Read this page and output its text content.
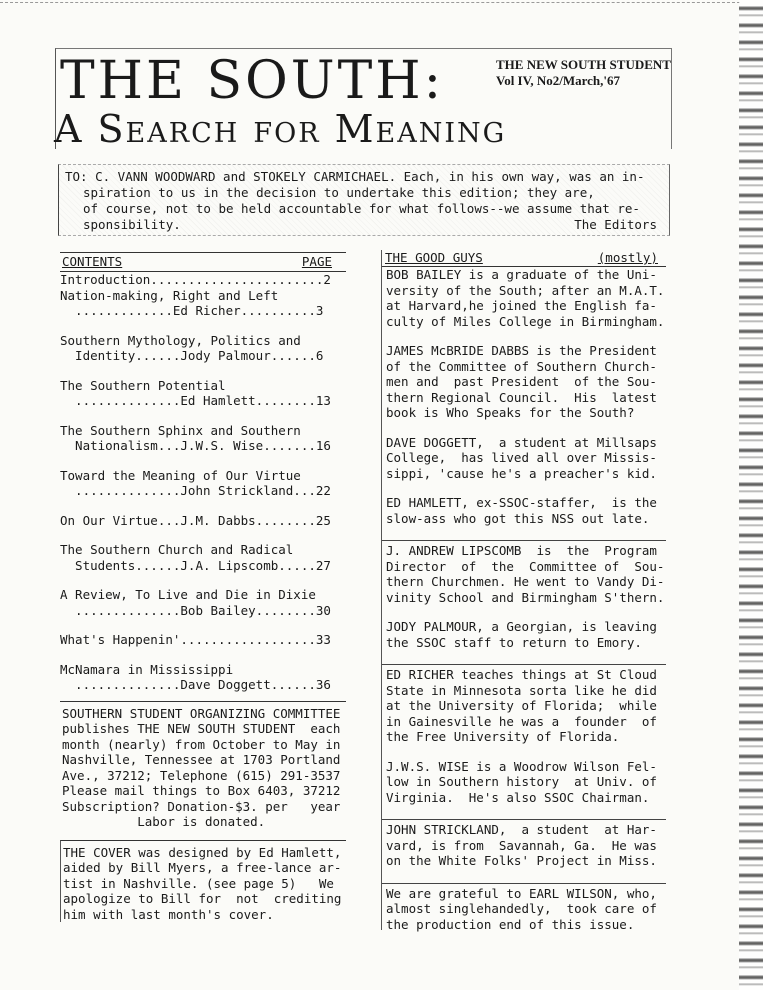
THE SOUTH:
A Search for Meaning
THE NEW SOUTH STUDENT
Vol IV, No2/March,'67

TO: C. VANN WOODWARD and STOKELY CARMICHAEL. Each, in his own way, was an in-

spiration to us in the decision to undertake this edition; they are,

of course, not to be held accountable for what follows--we assume that re-

sponsibility.	The Editors
CONTENTS	PAGE
Introduction.......................2
Nation-making, Right and Left
.............Ed Richer..........3
Southern Mythology, Politics and
Identity......Jody Palmour......6
The Southern Potential
..............Ed Hamlett........13
The Southern Sphinx and Southern
Nationalism...J.W.S. Wise.......16
Toward the Meaning of Our Virtue
..............John Strickland...22
On Our Virtue...J.M. Dabbs........25
The Southern Church and Radical
Students......J.A. Lipscomb.....27
A Review, To Live and Die in Dixie
..............Bob Bailey........30
What's Happenin'..................33
McNamara in Mississippi
..............Dave Doggett......36

SOUTHERN STUDENT ORGANIZING COMMITTEE

publishes THE NEW SOUTH STUDENT  each

month (nearly) from October to May in

Nashville, Tennessee at 1703 Portland

Ave., 37212; Telephone (615) 291-3537

Please mail things to Box 6403, 37212

Subscription? Donation-$3. per   year

Labor is donated.

THE COVER was designed by Ed Hamlett,

aided by Bill Myers, a free-lance ar-

tist in Nashville. (see page 5)   We

apologize to Bill for  not  crediting

him with last month's cover.

THE GOOD GUYS	(mostly)

BOB BAILEY is a graduate of the Uni-

versity of the South; after an M.A.T.

at Harvard,he joined the English fa-

culty of Miles College in Birmingham.

JAMES McBRIDE DABBS is the President

of the Committee of Southern Church-

men and  past President  of the Sou-

thern Regional Council.  His  latest

book is Who Speaks for the South?

DAVE DOGGETT,  a student at Millsaps

College,  has lived all over Missis-

sippi, 'cause he's a preacher's kid.

ED HAMLETT, ex-SSOC-staffer,  is the

slow-ass who got this NSS out late.

J. ANDREW LIPSCOMB  is  the  Program

Director  of  the  Committee of  Sou-

thern Churchmen. He went to Vandy Di-

vinity School and Birmingham S'thern.

JODY PALMOUR, a Georgian, is leaving

the SSOC staff to return to Emory.

ED RICHER teaches things at St Cloud

State in Minnesota sorta like he did

at the University of Florida;  while

in Gainesville he was a  founder  of

the Free University of Florida.

J.W.S. WISE is a Woodrow Wilson Fel-

low in Southern history  at Univ. of

Virginia.  He's also SSOC Chairman.

JOHN STRICKLAND,  a student  at Har-

vard, is from  Savannah, Ga.  He was

on the White Folks' Project in Miss.

We are grateful to EARL WILSON, who,

almost singlehandedly,  took care of

the production end of this issue.
